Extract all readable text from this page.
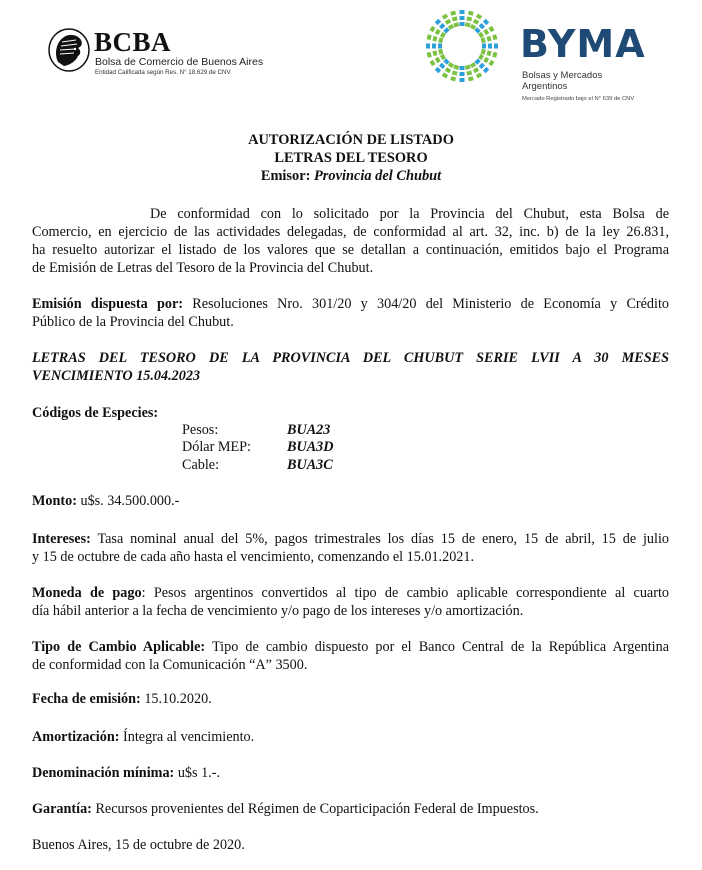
BCBA
Bolsa de Comercio de Buenos Aires
Entidad Calificada según Res. N° 18.629 de CNV
BYMA
Bolsas y Mercados
Argentinos
Mercado Registrado bajo el N° 639 de CNV
AUTORIZACIÓN DE LISTADO
LETRAS DEL TESORO
Emisor: Provincia del Chubut
De conformidad con lo solicitado por la Provincia del Chubut, esta Bolsa de
Comercio, en ejercicio de las actividades delegadas, de conformidad al art. 32, inc. b) de la ley 26.831,
ha resuelto autorizar el listado de los valores que se detallan a continuación, emitidos bajo el Programa
de Emisión de Letras del Tesoro de la Provincia del Chubut.
Emisión dispuesta por: Resoluciones Nro. 301/20 y 304/20 del Ministerio de Economía y Crédito
Público de la Provincia del Chubut.
LETRAS DEL TESORO DE LA PROVINCIA DEL CHUBUT SERIE LVII A 30 MESES
VENCIMIENTO 15.04.2023
Códigos de Especies:
Pesos:	BUA23
Dólar MEP:	BUA3D
Cable:	BUA3C
Monto: u$s. 34.500.000.-
Intereses: Tasa nominal anual del 5%, pagos trimestrales los días 15 de enero, 15 de abril, 15 de julio
y 15 de octubre de cada año hasta el vencimiento, comenzando el 15.01.2021.
Moneda de pago: Pesos argentinos convertidos al tipo de cambio aplicable correspondiente al cuarto
día hábil anterior a la fecha de vencimiento y/o pago de los intereses y/o amortización.
Tipo de Cambio Aplicable: Tipo de cambio dispuesto por el Banco Central de la República Argentina
de conformidad con la Comunicación “A” 3500.
Fecha de emisión: 15.10.2020.
Amortización: Íntegra al vencimiento.
Denominación mínima: u$s 1.-.
Garantía: Recursos provenientes del Régimen de Coparticipación Federal de Impuestos.
Buenos Aires, 15 de octubre de 2020.
